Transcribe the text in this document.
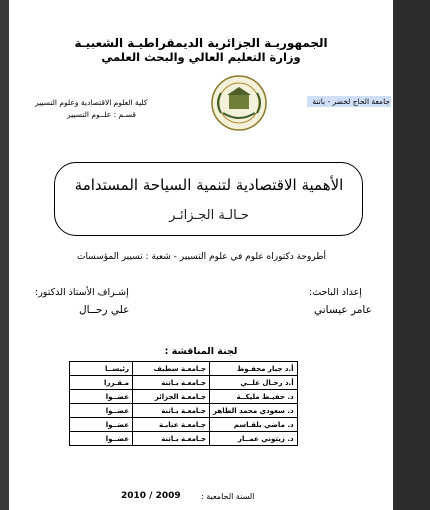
الجمهوريـة الجزائرية الديمقراطيـة الشعبيـة
وزارة التعليم العالي والبحث العلمي
جامعة الحاج لخضر - باتنة
كلية العلوم الاقتصادية وعلوم التسيير
قسـم : علــوم التسيير
الأهمية الاقتصادية لتنمية السياحة المستدامة
حـالـة الجـزائـر
أطروحة دكتوراه علوم في علوم التسيير - شعبة : تسيير المؤسسات
إعداد الباحث:
إشـراف الأستاذ الدكتور:
عامر عيساني
علي رحــال
لجنة المناقشة :
أ.د جبار محفـوظ	جـامعـة سطيف	رئيســا
أ.د رحـال علــي	جـامعـة بـاتنة	مـقـررا
د. حفيـظ مليكــة	جـامعـة الجزائر	عضــوا
د. سعودي محمد الطاهر	جـامعـة بـاتنة	عضــوا
د. ماضي بلقـاسم	جـامعـة عنابـة	عضــوا
د. زيتوني عمــار	جـامعـة بـاتنة	عضــوا
السنة الجامعية :
2010 / 2009
